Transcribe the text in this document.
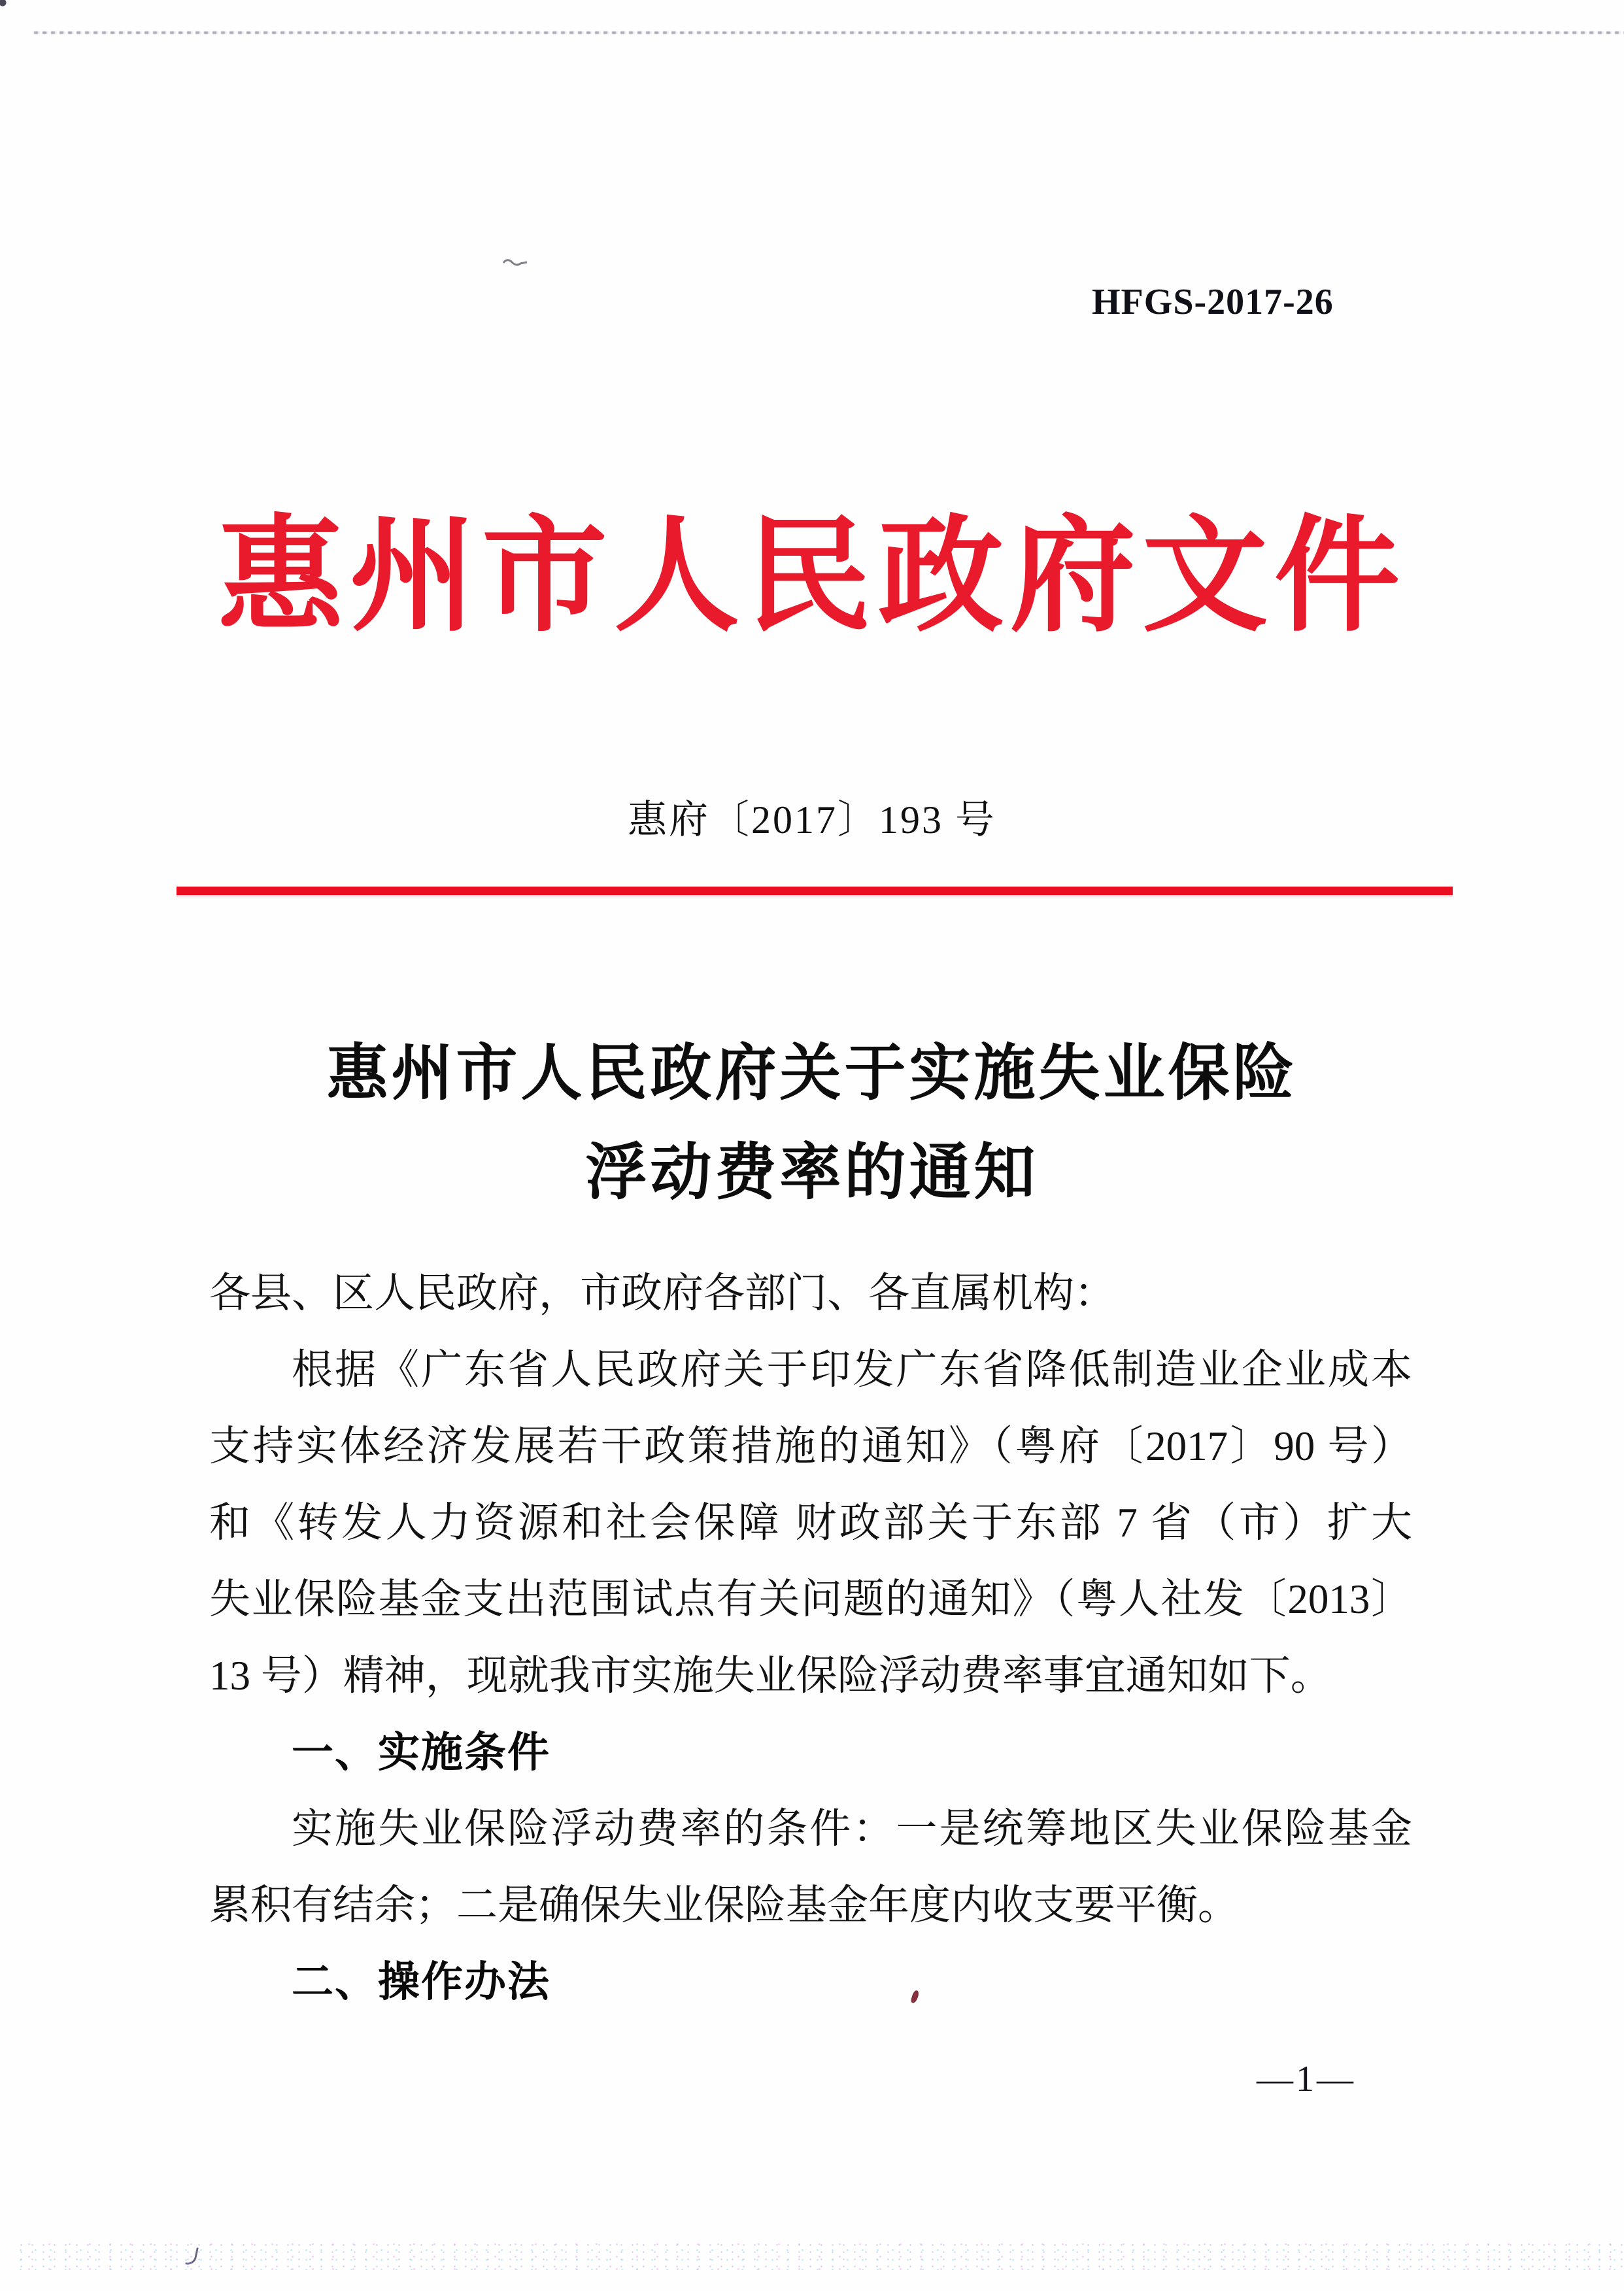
HFGS-2017-26
惠州市人民政府文件
惠府〔2017〕193 号
惠州市人民政府关于实施失业保险
浮动费率的通知
各县、区人民政府，市政府各部门、各直属机构：
根据《广东省人民政府关于印发广东省降低制造业企业成本
支持实体经济发展若干政策措施的通知》（粤府〔2017〕90 号）
和《转发人力资源和社会保障 财政部关于东部 7 省（市）扩大
失业保险基金支出范围试点有关问题的通知》（粤人社发〔2013〕
13 号）精神，现就我市实施失业保险浮动费率事宜通知如下。
一、实施条件
实施失业保险浮动费率的条件：一是统筹地区失业保险基金
累积有结余；二是确保失业保险基金年度内收支要平衡。
二、操作办法
—1—
